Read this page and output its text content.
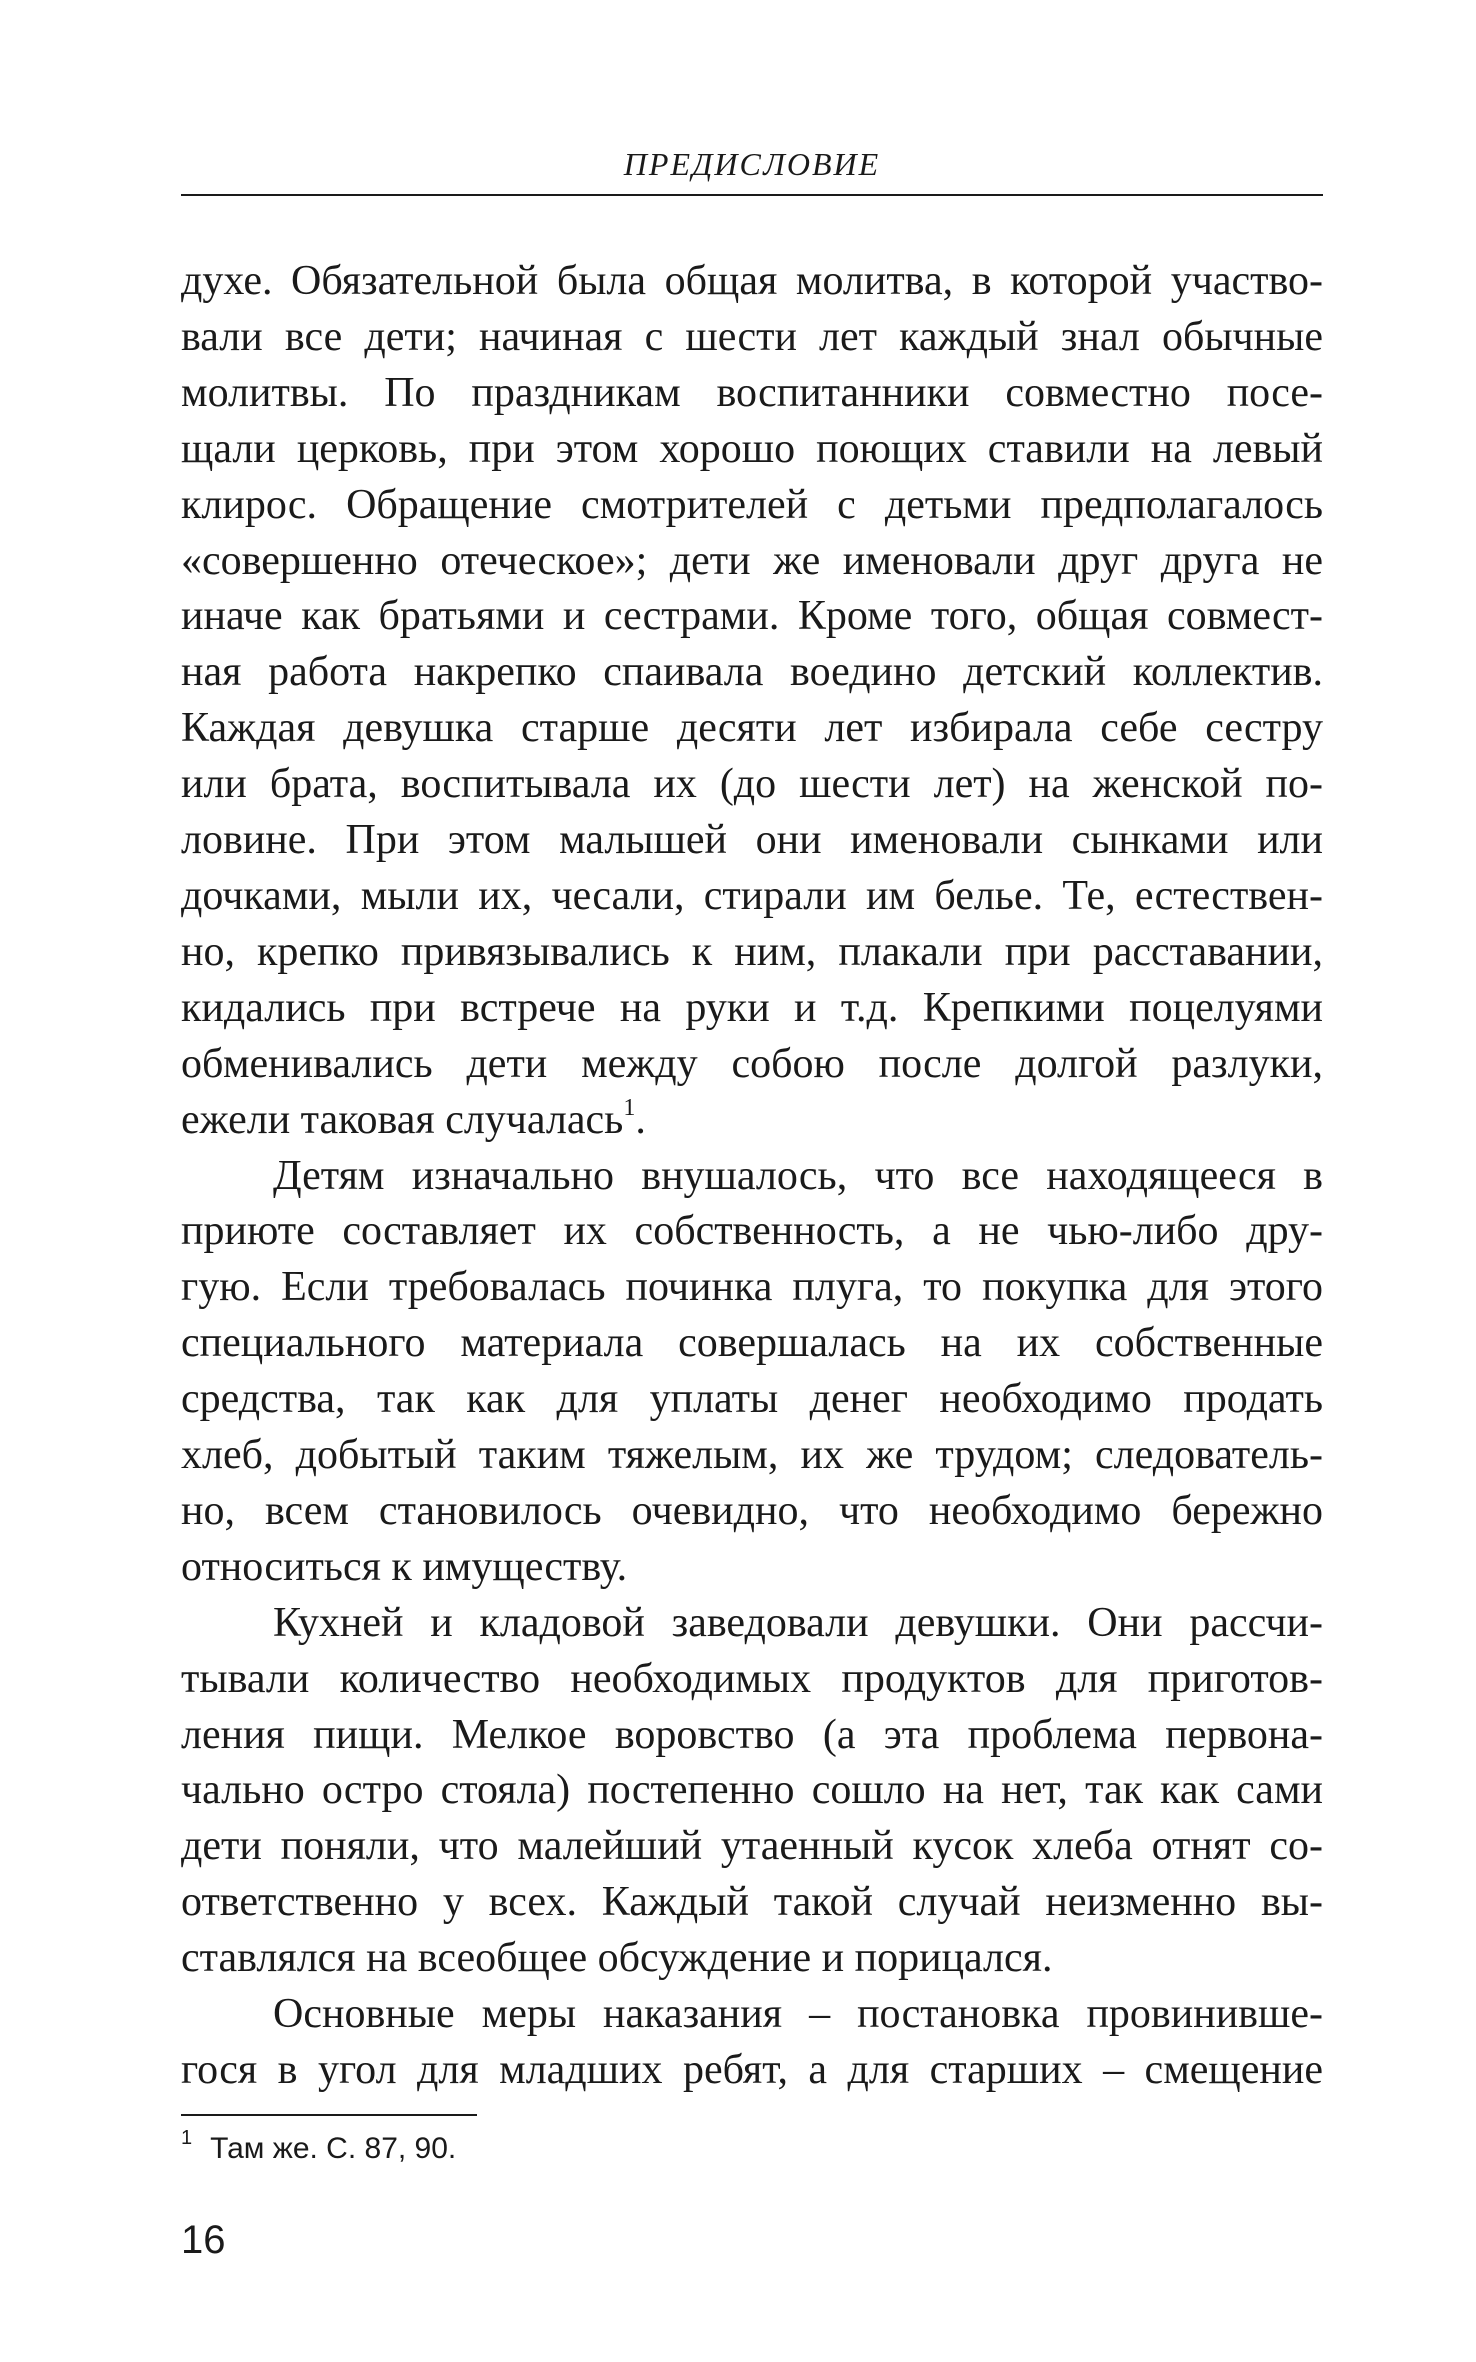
ПРЕДИСЛОВИЕ

духе. Обязательной была общая молитва, в которой участво-
вали все дети; начиная с шести лет каждый знал обычные
молитвы. По праздникам воспитанники совместно посе-
щали церковь, при этом хорошо поющих ставили на левый
клирос. Обращение смотрителей с детьми предполагалось
«совершенно отеческое»; дети же именовали друг друга не
иначе как братьями и сестрами. Кроме того, общая совмест-
ная работа накрепко спаивала воедино детский коллектив.
Каждая девушка старше десяти лет избирала себе сестру
или брата, воспитывала их (до шести лет) на женской по-
ловине. При этом малышей они именовали сынками или
дочками, мыли их, чесали, стирали им белье. Те, естествен-
но, крепко привязывались к ним, плакали при расставании,
кидались при встрече на руки и т.д. Крепкими поцелуями
обменивались дети между собою после долгой разлуки,
ежели таковая случалась$^1$.

Детям изначально внушалось, что все находящееся в
приюте составляет их собственность, а не чью-либо дру-
гую. Если требовалась починка плуга, то покупка для этого
специального материала совершалась на их собственные
средства, так как для уплаты денег необходимо продать
хлеб, добытый таким тяжелым, их же трудом; следователь-
но, всем становилось очевидно, что необходимо бережно
относиться к имуществу.

Кухней и кладовой заведовали девушки. Они рассчи-
тывали количество необходимых продуктов для приготов-
ления пищи. Мелкое воровство (а эта проблема первона-
чально остро стояла) постепенно сошло на нет, так как сами
дети поняли, что малейший утаенный кусок хлеба отнят со-
ответственно у всех. Каждый такой случай неизменно вы-
ставлялся на всеобщее обсуждение и порицался.

Основные меры наказания – постановка провинивше-
гося в угол для младших ребят, а для старших – смещение

$^1$ Там же. С. 87, 90.
16
